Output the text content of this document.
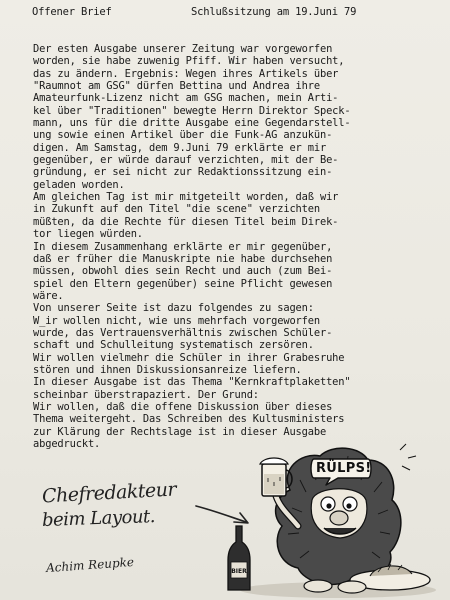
Offener Brief	Schlußsitzung am 19.Juni 79
Der esten Ausgabe unserer Zeitung war vorgeworfen
worden, sie habe zuwenig Pfiff. Wir haben versucht,
das zu ändern. Ergebnis: Wegen ihres Artikels über
"Raumnot am GSG" dürfen Bettina und Andrea ihre
Amateurfunk-Lizenz nicht am GSG machen, mein Arti-
kel über "Traditionen" bewegte Herrn Direktor Speck-
mann, uns für die dritte Ausgabe eine Gegendarstell-
ung sowie einen Artikel über die Funk-AG anzukün-
digen. Am Samstag, dem 9.Juni 79 erklärte er mir
gegenüber, er würde darauf verzichten, mit der Be-
gründung, er sei nicht zur Redaktionssitzung ein-
geladen worden.
Am gleichen Tag ist mir mitgeteilt worden, daß wir
in Zukunft auf den Titel "die scene" verzichten
müßten, da die Rechte für diesen Titel beim Direk-
tor liegen würden.
In diesem Zusammenhang erklärte er mir gegenüber,
daß er früher die Manuskripte nie habe durchsehen
müssen, obwohl dies sein Recht und auch (zum Bei-
spiel den Eltern gegenüber) seine Pflicht gewesen
wäre.
Von unserer Seite ist dazu folgendes zu sagen:
W_ir wollen nicht, wie uns mehrfach vorgeworfen
wurde, das Vertrauensverhältnis zwischen Schüler-
schaft und Schulleitung systematisch zersören.
Wir wollen vielmehr die Schüler in ihrer Grabesruhe
stören und ihnen Diskussionsanreize liefern.
In dieser Ausgabe ist das Thema "Kernkraftplaketten"
scheinbar überstrapaziert. Der Grund:
Wir wollen, daß die offene Diskussion über dieses
Thema weitergeht. Das Schreiben des Kultusministers
zur Klärung der Rechtslage ist in dieser Ausgabe
abgedruckt.
Chefredakteur
beim Layout.
Achim Reupke	BIER
RÜLPS!
